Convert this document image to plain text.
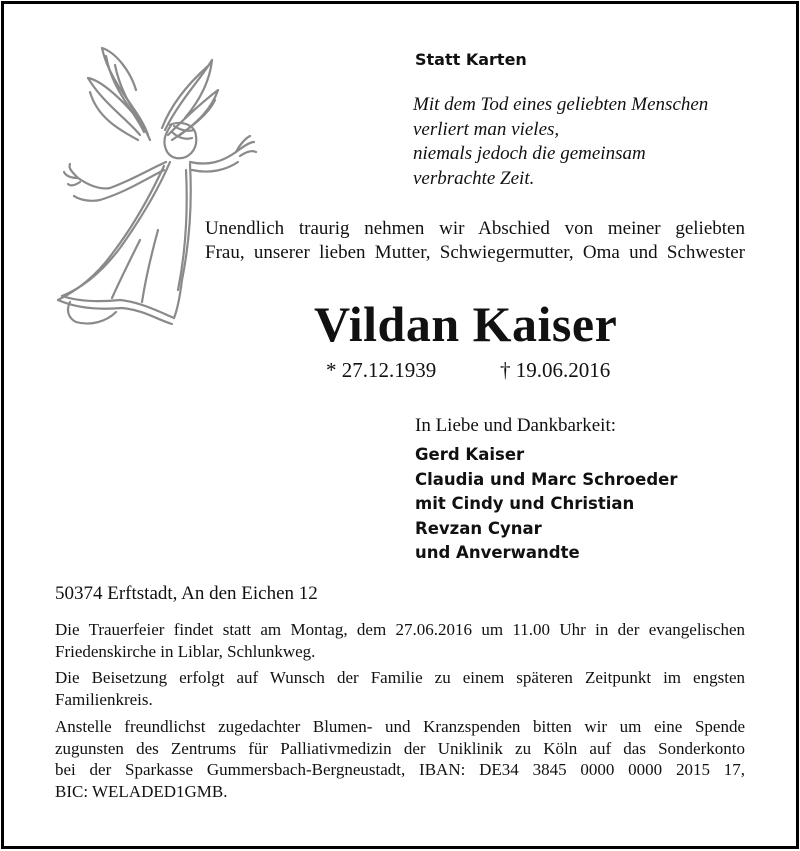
Statt Karten
Mit dem Tod eines geliebten Menschen
verliert man vieles,
niemals jedoch die gemeinsam
verbrachte Zeit.
Unendlich traurig nehmen wir Abschied von meiner geliebten
Frau, unserer lieben Mutter, Schwiegermutter, Oma und Schwester
Vildan Kaiser
* 27.12.1939	† 19.06.2016
In Liebe und Dankbarkeit:
Gerd Kaiser
Claudia und Marc Schroeder
mit Cindy und Christian
Revzan Cynar
und Anverwandte
50374 Erftstadt, An den Eichen 12
Die Trauerfeier findet statt am Montag, dem 27.06.2016 um 11.00 Uhr in der evangelischen
Friedenskirche in Liblar, Schlunkweg.
Die Beisetzung erfolgt auf Wunsch der Familie zu einem späteren Zeitpunkt im engsten
Familienkreis.
Anstelle freundlichst zugedachter Blumen- und Kranzspenden bitten wir um eine Spende
zugunsten des Zentrums für Palliativmedizin der Uniklinik zu Köln auf das Sonderkonto
bei der Sparkasse Gummersbach-Bergneustadt, IBAN: DE34 3845 0000 0000 2015 17,
BIC: WELADED1GMB.
